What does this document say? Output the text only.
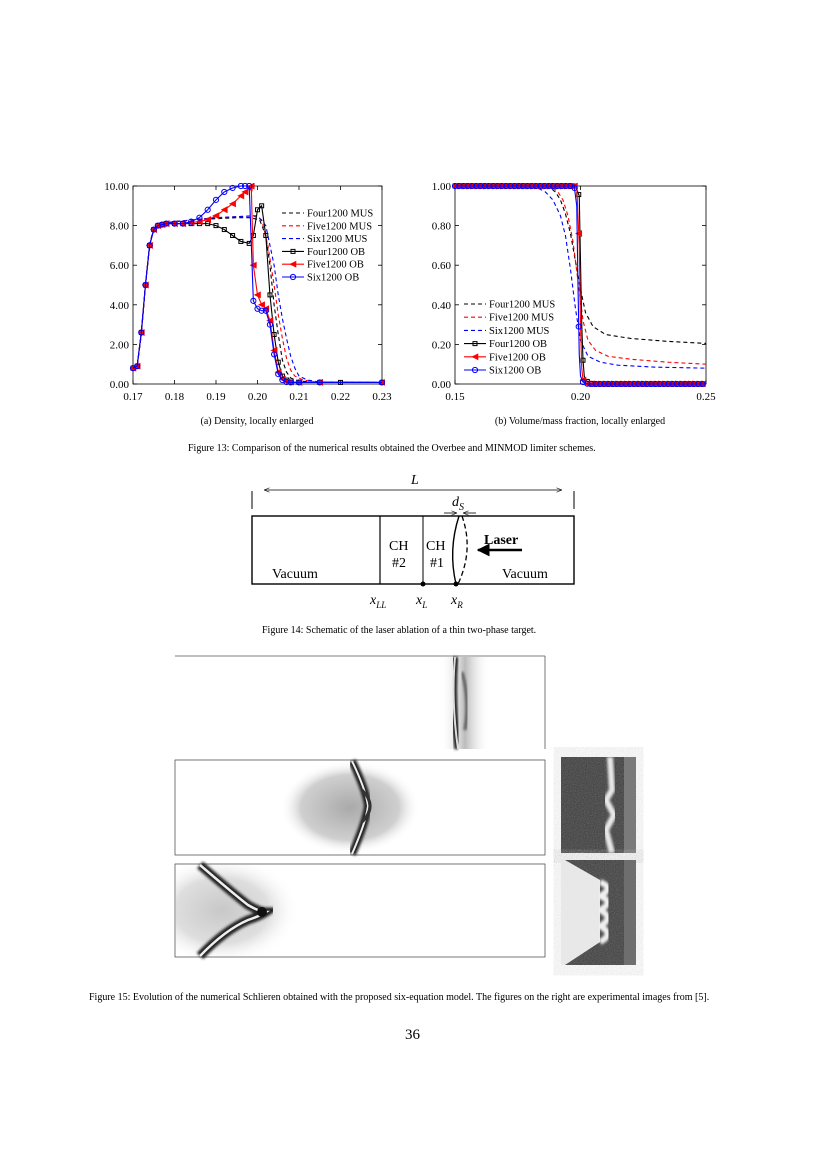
0.17 0.18 0.19 0.20 0.21 0.22 0.23
0.00
2.00
4.00
6.00
8.00
10.00
Four1200 MUS
Five1200 MUS
Six1200 MUS
Four1200 OB
Five1200 OB
Six1200 OB
0.15	0.20	0.25
0.00
0.20
0.40
0.60
0.80
1.00
Four1200 MUS
Five1200 MUS
Six1200 MUS
Four1200 OB
Five1200 OB
Six1200 OB
(a) Density, locally enlarged	(b) Volume/mass fraction, locally enlarged
Figure 13: Comparison of the numerical results obtained the Overbee and MINMOD limiter schemes.
L
$d_S$
CH
#2
CH
#1
Laser
Vacuum	Vacuum
$x_{LL}$ $x_L$ $x_R$
Figure 14: Schematic of the laser ablation of a thin two-phase target.
Figure 15: Evolution of the numerical Schlieren obtained with the proposed six-equation model. The figures on the right are experimental images from [5].
36
